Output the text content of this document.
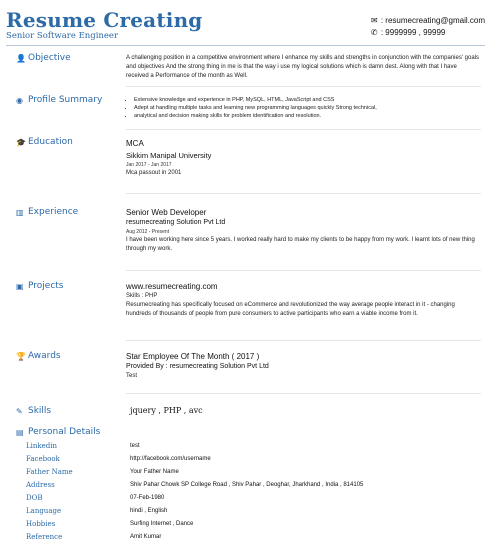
Resume Creating
Senior Software Engineer
✉ : resumecreating@gmail.com
✆ : 9999999 , 99999
👤 Objective	A challenging position in a competitive environment where I enhance my skills and strengths in conjunction with the companies' goals and objectives And the strong thing in me is that the way i use my logical solutions which is damn dest. Along with that I have received a Performance of the month as Well.
◉ Profile Summary
•	Extensive knowledge and experience in PHP, MySQL, HTML, JavaScript and CSS
• Adept at handling multiple tasks and learning new programming languages quickly Strong technical,
• analytical and decision making skills for problem identification and resolution.
🎓 Education	MCA
Sikkim Manipal University
Jan 2017 - Jan 2017
Mca passout in 2001
▥ Experience	Senior Web Developer
resumecreating Solution Pvt Ltd
Aug 2012 - Present
I have been working here since 5 years. I worked really hard to make my clients to be happy from my work. I learnt lots of new thing through my work.
▣ Projects	www.resumecreating.com
Skills : PHP
Resumecreating has specifically focused on eCommerce and revolutionized the way average people interact in it - changing hundreds of thousands of people from pure consumers to active participants who earn a viable income from it.
🏆 Awards	Star Employee Of The Month ( 2017 )
Provided By : resumecreating Solution Pvt Ltd
Test
✎ Skills	jquery , PHP , avc
▤ Personal Details
Linkedin	test
Facebook	http://facebook.com/username
Father Name	Your Father Name
Address	Shiv Pahar Chowk SP College Road , Shiv Pahar , Deoghar, Jharkhand , India , 814105
DOB	07-Feb-1980
Language	hindi , English
Hobbies	Surfing Internet , Dance
Reference	Amit Kumar
